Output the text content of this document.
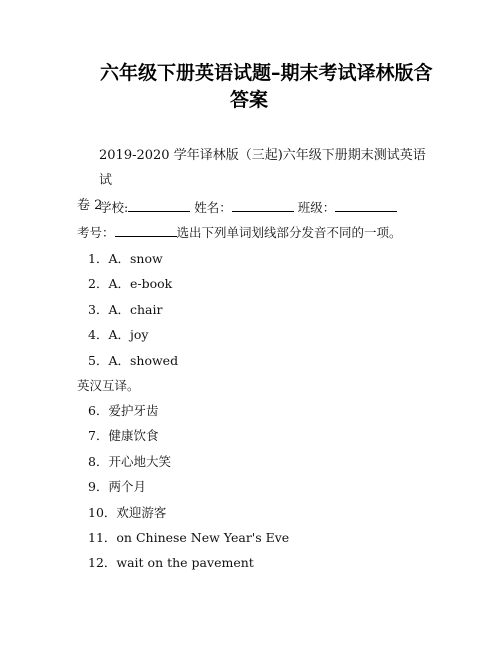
六年级下册英语试题–期末考试译林版含
答案
2019-2020 学年译林版（三起)六年级下册期末测试英语试
卷 2
学校:	姓名：	班级：
考号：	选出下列单词划线部分发音不同的一项。
1．A．snow
2．A．e-book
3．A．chair
4．A．joy
5．A．showed
英汉互译。
6．爱护牙齿
7．健康饮食
8．开心地大笑
9．两个月
10．欢迎游客
11．on Chinese New Year's Eve
12．wait on the pavement
